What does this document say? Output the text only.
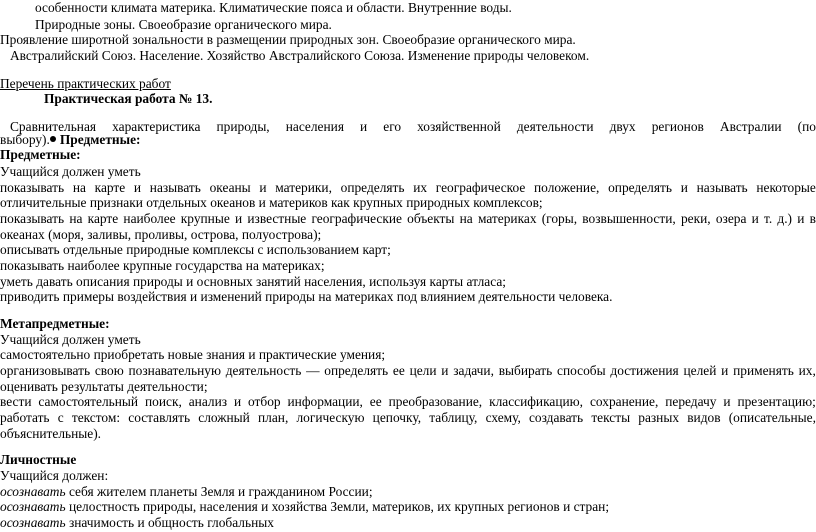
особенности климата материка. Климатические пояса и области. Внутренние воды.
Природные зоны. Своеобразие органического мира.
Проявление широтной зональности в размещении природных зон. Своеобразие органического мира.
Австралийский Союз. Население. Хозяйство Австралийского Союза. Изменение природы человеком.
Перечень практических работ
Практическая работа № 13.
Сравнительная характеристика природы, населения и его хозяйственной деятельности двух регионов Австралии (по
выбору). Предметные:
Предметные:
Учащийся должен уметь
показывать на карте и называть океаны и материки, определять их географическое положение, определять и называть некоторые
отличительные признаки отдельных океанов и материков как крупных природных комплексов;
показывать на карте наиболее крупные и известные географические объекты на материках (горы, возвышенности, реки, озера и т. д.) и в
океанах (моря, заливы, проливы, острова, полуострова);
описывать отдельные природные комплексы с использованием карт;
показывать наиболее крупные государства на материках;
уметь давать описания природы и основных занятий населения, используя карты атласа;
приводить примеры воздействия и изменений природы на материках под влиянием деятельности человека.
Метапредметные:
Учащийся должен уметь
самостоятельно приобретать новые знания и практические умения;
организовывать свою познавательную деятельность — определять ее цели и задачи, выбирать способы достижения целей и применять их,
оценивать результаты деятельности;
вести самостоятельный поиск, анализ и отбор информации, ее преобразование, классификацию, сохранение, передачу и презентацию;
работать с текстом: составлять сложный план, логическую цепочку, таблицу, схему, создавать тексты разных видов (описательные,
объяснительные).
Личностные
Учащийся должен:
осознавать себя жителем планеты Земля и гражданином России;
осознавать целостность природы, населения и хозяйства Земли, материков, их крупных регионов и стран;
осознавать значимость и общность глобальных
